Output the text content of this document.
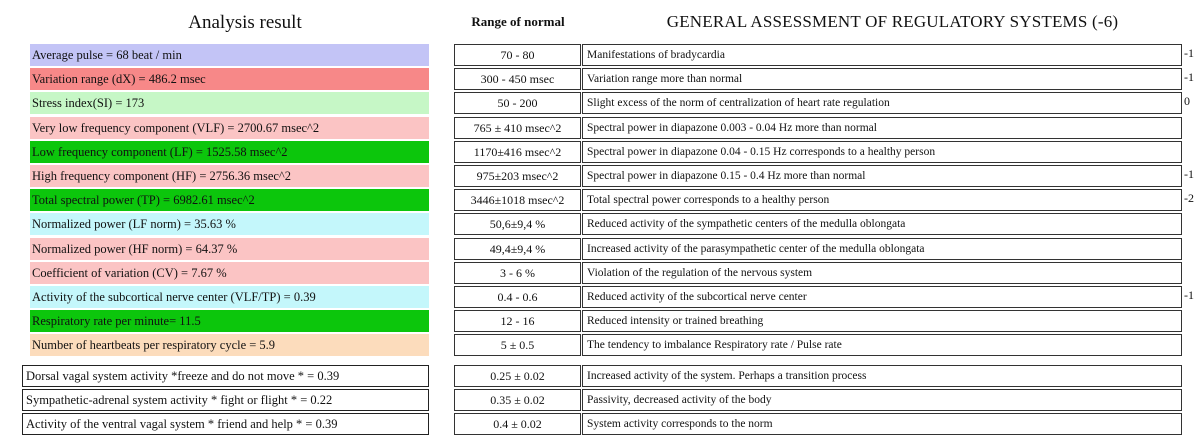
Analysis result	Range of normal	GENERAL ASSESSMENT OF REGULATORY SYSTEMS (-6)
Average pulse = 68 beat / min	70 - 80	Manifestations of bradycardia	-1
Variation range (dX) = 486.2 msec	300 - 450 msec	Variation range more than normal	-1
Stress index(SI) = 173	50 - 200	Slight excess of the norm of centralization of heart rate regulation	0
Very low frequency component (VLF) = 2700.67 msec^2	765 ± 410 msec^2	Spectral power in diapazone 0.003 - 0.04 Hz more than normal
Low frequency component (LF) = 1525.58 msec^2	1170±416 msec^2	Spectral power in diapazone 0.04 - 0.15 Hz corresponds to a healthy person
High frequency component (HF) = 2756.36 msec^2	975±203 msec^2	Spectral power in diapazone 0.15 - 0.4 Hz more than normal	-1
Total spectral power (TP) = 6982.61 msec^2	3446±1018 msec^2	Total spectral power corresponds to a healthy person	-2
Normalized power (LF norm) = 35.63 %	50,6±9,4 %	Reduced activity of the sympathetic centers of the medulla oblongata
Normalized power (HF norm) = 64.37 %	49,4±9,4 %	Increased activity of the parasympathetic center of the medulla oblongata
Coefficient of variation (CV) = 7.67 %	3 - 6 %	Violation of the regulation of the nervous system
Activity of the subcortical nerve center (VLF/TP) = 0.39	0.4 - 0.6	Reduced activity of the subcortical nerve center	-1
Respiratory rate per minute= 11.5	12 - 16	Reduced intensity or trained breathing
Number of heartbeats per respiratory cycle = 5.9	5 ± 0.5	The tendency to imbalance Respiratory rate / Pulse rate
Dorsal vagal system activity *freeze and do not move * = 0.39	0.25 ± 0.02	Increased activity of the system. Perhaps a transition process
Sympathetic-adrenal system activity * fight or flight * = 0.22	0.35 ± 0.02	Passivity, decreased activity of the body
Activity of the ventral vagal system * friend and help * = 0.39	0.4 ± 0.02	System activity corresponds to the norm
